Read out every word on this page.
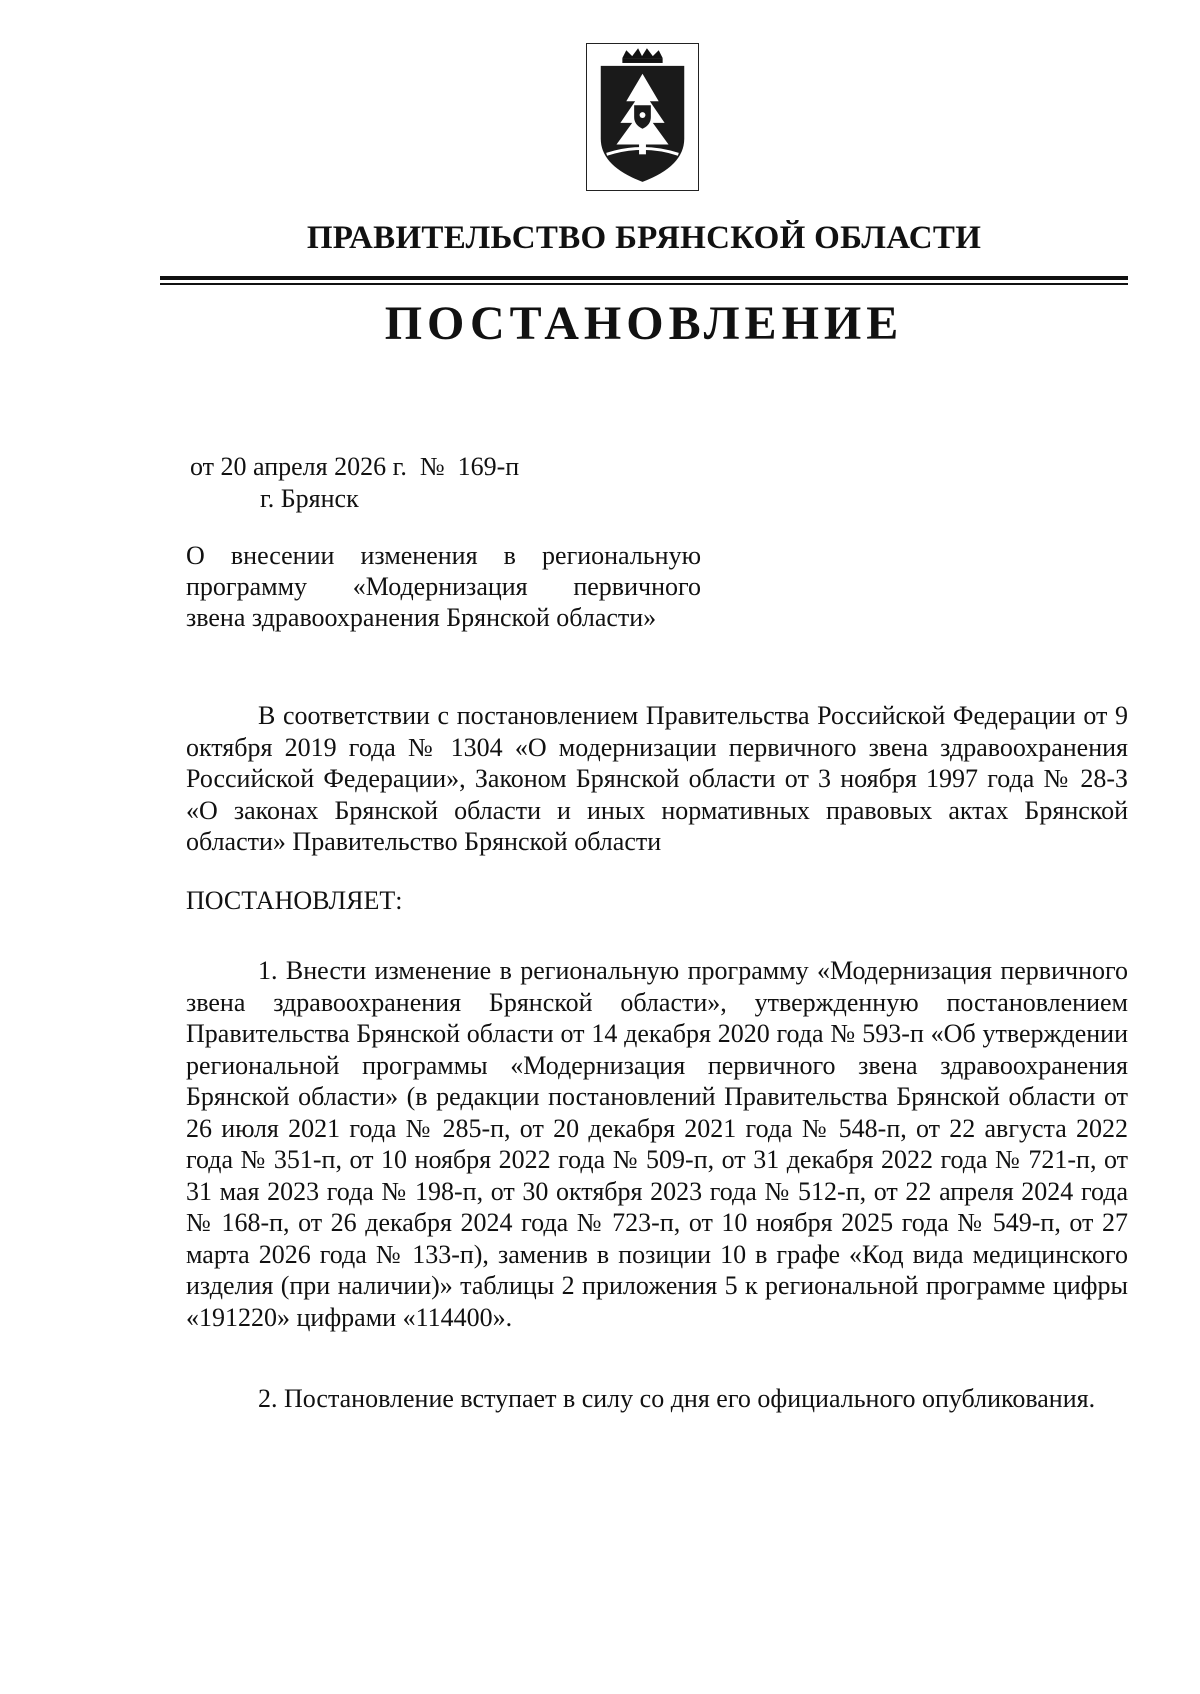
ПРАВИТЕЛЬСТВО БРЯНСКОЙ ОБЛАСТИ
ПОСТАНОВЛЕНИЕ
от 20 апреля 2026 г.  №  169-п
г. Брянск
О внесении изменения в региональную
программу «Модернизация первичного
звена здравоохранения Брянской области»
В соответствии с постановлением Правительства Российской Федерации от 9 октября 2019 года № 1304 «О модернизации первичного звена здравоохранения Российской Федерации», Законом Брянской области от 3 ноября 1997 года № 28-З «О законах Брянской области и иных нормативных правовых актах Брянской области» Правительство Брянской области
ПОСТАНОВЛЯЕТ:
1. Внести изменение в региональную программу «Модернизация первичного звена здравоохранения Брянской области», утвержденную постановлением Правительства Брянской области от 14 декабря 2020 года № 593-п «Об утверждении региональной программы «Модернизация первичного звена здравоохранения Брянской области» (в редакции постановлений Правительства Брянской области от 26 июля 2021 года № 285-п, от 20 декабря 2021 года № 548-п, от 22 августа 2022 года № 351-п, от 10 ноября 2022 года № 509-п, от 31 декабря 2022 года № 721-п, от 31 мая 2023 года № 198-п, от 30 октября 2023 года № 512-п, от 22 апреля 2024 года № 168-п, от 26 декабря 2024 года № 723-п, от 10 ноября 2025 года № 549-п, от 27 марта 2026 года № 133-п), заменив в позиции 10 в графе «Код вида медицинского изделия (при наличии)» таблицы 2 приложения 5 к региональной программе цифры «191220» цифрами «114400».
2. Постановление вступает в силу со дня его официального опубликования.
